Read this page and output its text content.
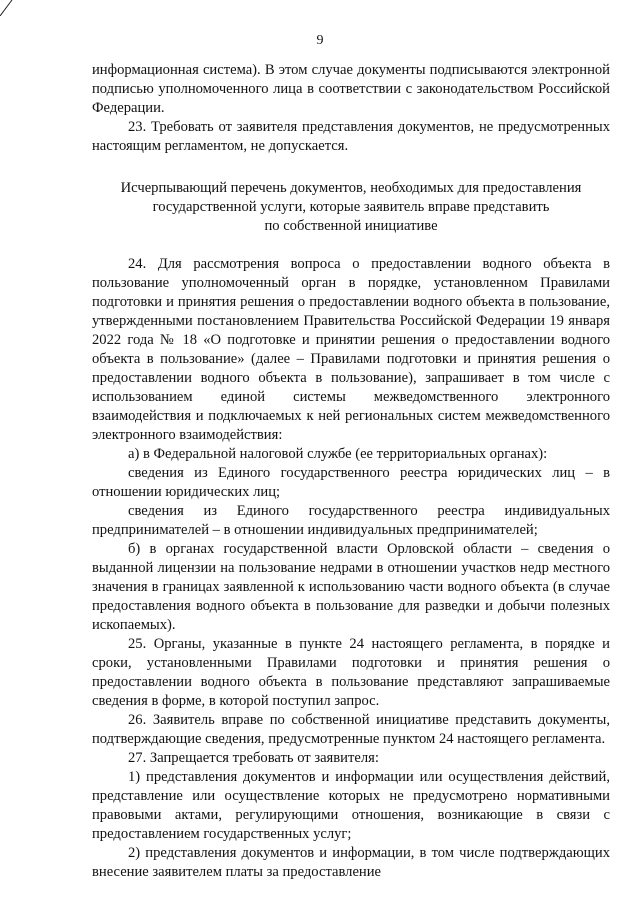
9

информационная система). В этом случае документы подписываются электронной подписью уполномоченного лица в соответствии с законодательством Российской Федерации.

23. Требовать от заявителя представления документов, не предусмотренных настоящим регламентом, не допускается.

Исчерпывающий перечень документов, необходимых для предоставления
государственной услуги, которые заявитель вправе представить
по собственной инициативе

24. Для рассмотрения вопроса о предоставлении водного объекта в пользование уполномоченный орган в порядке, установленном Правилами подготовки и принятия решения о предоставлении водного объекта в пользование, утвержденными постановлением Правительства Российской Федерации 19 января 2022 года № 18 «О подготовке и принятии решения о предоставлении водного объекта в пользование» (далее – Правилами подготовки и принятия решения о предоставлении водного объекта в пользование), запрашивает в том числе с использованием единой системы межведомственного электронного взаимодействия и подключаемых к ней региональных систем межведомственного электронного взаимодействия:

а) в Федеральной налоговой службе (ее территориальных органах):

сведения из Единого государственного реестра юридических лиц – в отношении юридических лиц;

сведения из Единого государственного реестра индивидуальных предпринимателей – в отношении индивидуальных предпринимателей;

б) в органах государственной власти Орловской области – сведения о выданной лицензии на пользование недрами в отношении участков недр местного значения в границах заявленной к использованию части водного объекта (в случае предоставления водного объекта в пользование для разведки и добычи полезных ископаемых).

25. Органы, указанные в пункте 24 настоящего регламента, в порядке и сроки, установленными Правилами подготовки и принятия решения о предоставлении водного объекта в пользование представляют запрашиваемые сведения в форме, в которой поступил запрос.

26. Заявитель вправе по собственной инициативе представить документы, подтверждающие сведения, предусмотренные пунктом 24 настоящего регламента.

27. Запрещается требовать от заявителя:

1) представления документов и информации или осуществления действий, представление или осуществление которых не предусмотрено нормативными правовыми актами, регулирующими отношения, возникающие в связи с предоставлением государственных услуг;

2) представления документов и информации, в том числе подтверждающих внесение заявителем платы за предоставление
